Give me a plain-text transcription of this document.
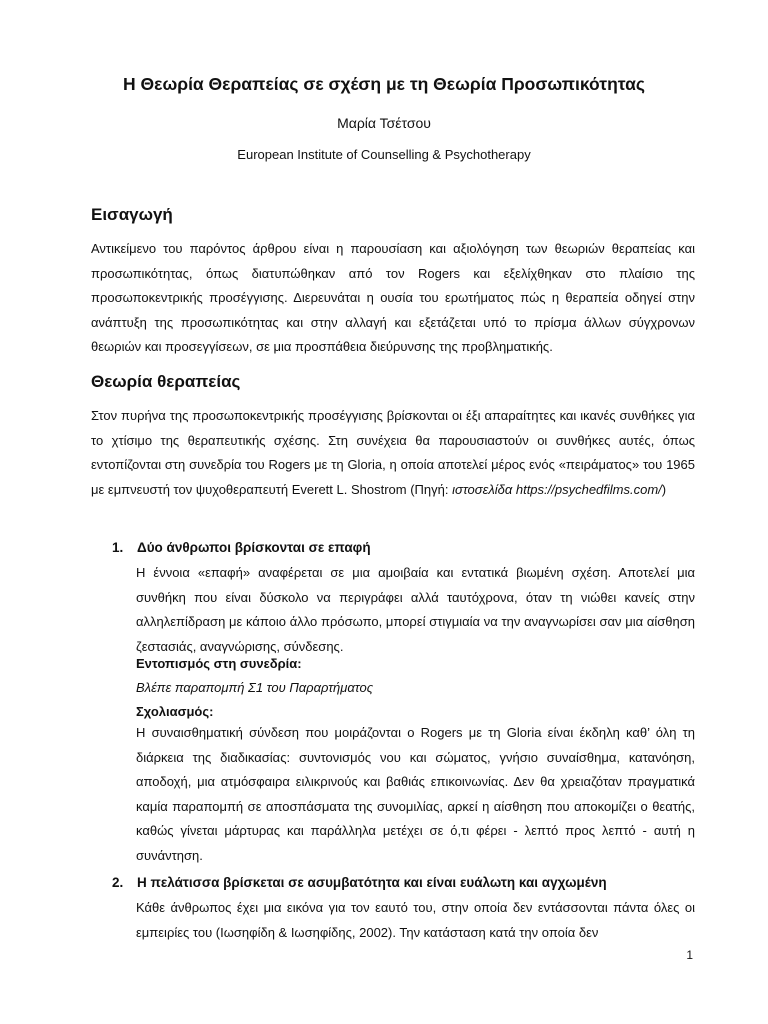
Η Θεωρία Θεραπείας σε σχέση με τη Θεωρία Προσωπικότητας
Μαρία Τσέτσου
European Institute of Counselling & Psychotherapy
Εισαγωγή

Αντικείμενο του παρόντος άρθρου είναι η παρουσίαση και αξιολόγηση των θεωριών θεραπείας και προσωπικότητας, όπως διατυπώθηκαν από τον Rogers και εξελίχθηκαν στο πλαίσιο της προσωποκεντρικής προσέγγισης. Διερευνάται η ουσία του ερωτήματος πώς η θεραπεία οδηγεί στην ανάπτυξη της προσωπικότητας και στην αλλαγή και εξετάζεται υπό το πρίσμα άλλων σύγχρονων θεωριών και προσεγγίσεων, σε μια προσπάθεια διεύρυνσης της προβληματικής.

Θεωρία θεραπείας

Στον πυρήνα της προσωποκεντρικής προσέγγισης βρίσκονται οι έξι απαραίτητες και ικανές συνθήκες για το χτίσιμο της θεραπευτικής σχέσης. Στη συνέχεια θα παρουσιαστούν οι συνθήκες αυτές, όπως εντοπίζονται στη συνεδρία του Rogers με τη Gloria, η οποία αποτελεί μέρος ενός «πειράματος» του 1965 με εμπνευστή τον ψυχοθεραπευτή Everett L. Shostrom (Πηγή: ιστοσελίδα https://psychedfilms.com/)

1. Δύο άνθρωποι βρίσκονται σε επαφή

Η έννοια «επαφή» αναφέρεται σε μια αμοιβαία και εντατικά βιωμένη σχέση. Αποτελεί μια συνθήκη που είναι δύσκολο να περιγράφει αλλά ταυτόχρονα, όταν τη νιώθει κανείς στην αλληλεπίδραση με κάποιο άλλο πρόσωπο, μπορεί στιγμιαία να την αναγνωρίσει σαν μια αίσθηση ζεστασιάς, αναγνώρισης, σύνδεσης.

Εντοπισμός στη συνεδρία:
Βλέπε παραπομπή Σ1 του Παραρτήματος
Σχολιασμός:

Η συναισθηματική σύνδεση που μοιράζονται ο Rogers με τη Gloria είναι έκδηλη καθ’ όλη τη διάρκεια της διαδικασίας: συντονισμός νου και σώματος, γνήσιο συναίσθημα, κατανόηση, αποδοχή, μια ατμόσφαιρα ειλικρινούς και βαθιάς επικοινωνίας. Δεν θα χρειαζόταν πραγματικά καμία παραπομπή σε αποσπάσματα της συνομιλίας, αρκεί η αίσθηση που αποκομίζει ο θεατής, καθώς γίνεται μάρτυρας και παράλληλα μετέχει σε ό,τι φέρει - λεπτό προς λεπτό - αυτή η συνάντηση.

2. Η πελάτισσα βρίσκεται σε ασυμβατότητα και είναι ευάλωτη και αγχωμένη

Κάθε άνθρωπος έχει μια εικόνα για τον εαυτό του, στην οποία δεν εντάσσονται πάντα όλες οι εμπειρίες του (Ιωσηφίδη & Ιωσηφίδης, 2002). Την κατάσταση κατά την οποία δεν

1
